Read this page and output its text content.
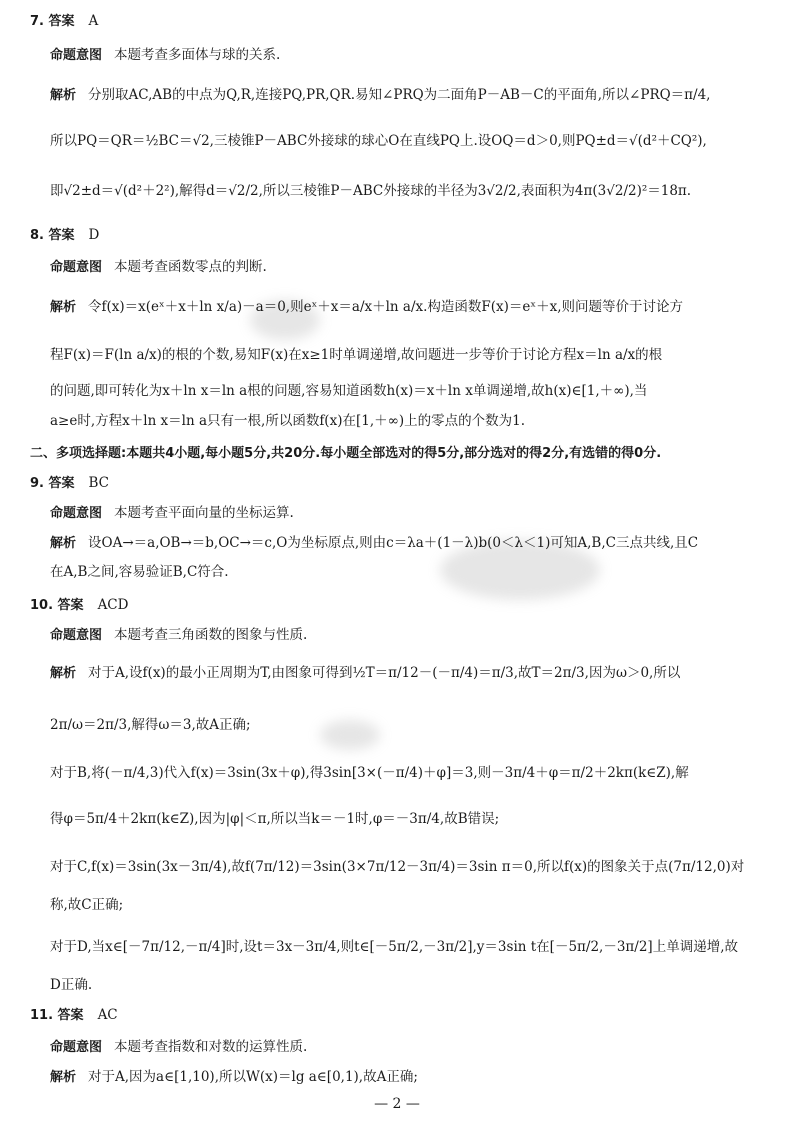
7. 答案 A
命题意图 本题考查多面体与球的关系.
解析 分别取AC,AB的中点为Q,R,连接PQ,PR,QR.易知∠PRQ为二面角P－AB－C的平面角,所以∠PRQ＝π/4,
所以PQ＝QR＝½BC＝√2,三棱锥P－ABC外接球的球心O在直线PQ上.设OQ＝d＞0,则PQ±d＝√(d²＋CQ²),
即√2±d＝√(d²＋2²),解得d＝√2/2,所以三棱锥P－ABC外接球的半径为3√2/2,表面积为4π(3√2/2)²＝18π.
8. 答案 D
命题意图 本题考查函数零点的判断.
解析 令f(x)＝x(eˣ＋x＋ln x/a)－a＝0,则eˣ＋x＝a/x＋ln a/x.构造函数F(x)＝eˣ＋x,则问题等价于讨论方
程F(x)＝F(ln a/x)的根的个数,易知F(x)在x≥1时单调递增,故问题进一步等价于讨论方程x＝ln a/x的根
的问题,即可转化为x＋ln x＝ln a根的问题,容易知道函数h(x)＝x＋ln x单调递增,故h(x)∈[1,＋∞),当
a≥e时,方程x＋ln x＝ln a只有一根,所以函数f(x)在[1,＋∞)上的零点的个数为1.
二、多项选择题:本题共4小题,每小题5分,共20分.每小题全部选对的得5分,部分选对的得2分,有选错的得0分.
9. 答案 BC
命题意图 本题考查平面向量的坐标运算.
解析 设OA→＝a,OB→＝b,OC→＝c,O为坐标原点,则由c＝λa＋(1－λ)b(0＜λ＜1)可知A,B,C三点共线,且C
在A,B之间,容易验证B,C符合.
10. 答案 ACD
命题意图 本题考查三角函数的图象与性质.
解析 对于A,设f(x)的最小正周期为T,由图象可得到½T＝π/12－(－π/4)＝π/3,故T＝2π/3,因为ω＞0,所以
2π/ω＝2π/3,解得ω＝3,故A正确;
对于B,将(－π/4,3)代入f(x)＝3sin(3x＋φ),得3sin[3×(－π/4)＋φ]＝3,则－3π/4＋φ＝π/2＋2kπ(k∈Z),解
得φ＝5π/4＋2kπ(k∈Z),因为|φ|＜π,所以当k＝－1时,φ＝－3π/4,故B错误;
对于C,f(x)＝3sin(3x－3π/4),故f(7π/12)＝3sin(3×7π/12－3π/4)＝3sin π＝0,所以f(x)的图象关于点(7π/12,0)对
称,故C正确;
对于D,当x∈[－7π/12,－π/4]时,设t＝3x－3π/4,则t∈[－5π/2,－3π/2],y＝3sin t在[－5π/2,－3π/2]上单调递增,故
D正确.
11. 答案 AC
命题意图 本题考查指数和对数的运算性质.
解析 对于A,因为a∈[1,10),所以W(x)＝lg a∈[0,1),故A正确;
— 2 —
